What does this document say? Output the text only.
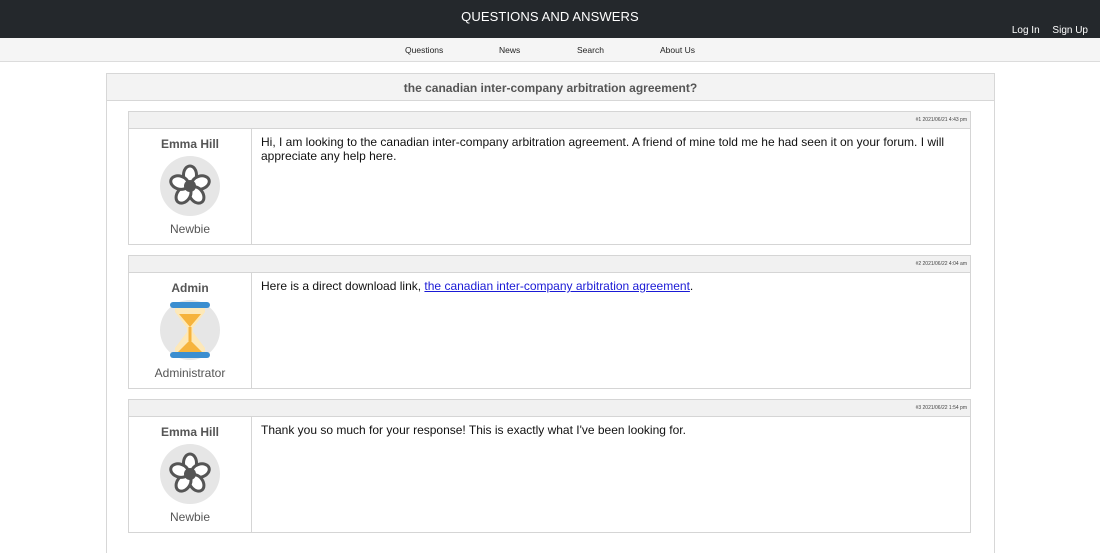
QUESTIONS AND ANSWERS
Log In Sign Up
Questions	News	Search	About Us
the canadian inter-company arbitration agreement?
#1 2021/06/21 4:43 pm
Emma Hill
Newbie
Hi, I am looking to the canadian inter-company arbitration agreement. A friend of mine told me he had seen it on your forum. I will appreciate any help here.
#2 2021/06/22 4:04 am
Admin
Administrator
Here is a direct download link, the canadian inter-company arbitration agreement.
#3 2021/06/22 1:54 pm
Emma Hill
Newbie
Thank you so much for your response! This is exactly what I've been looking for.
